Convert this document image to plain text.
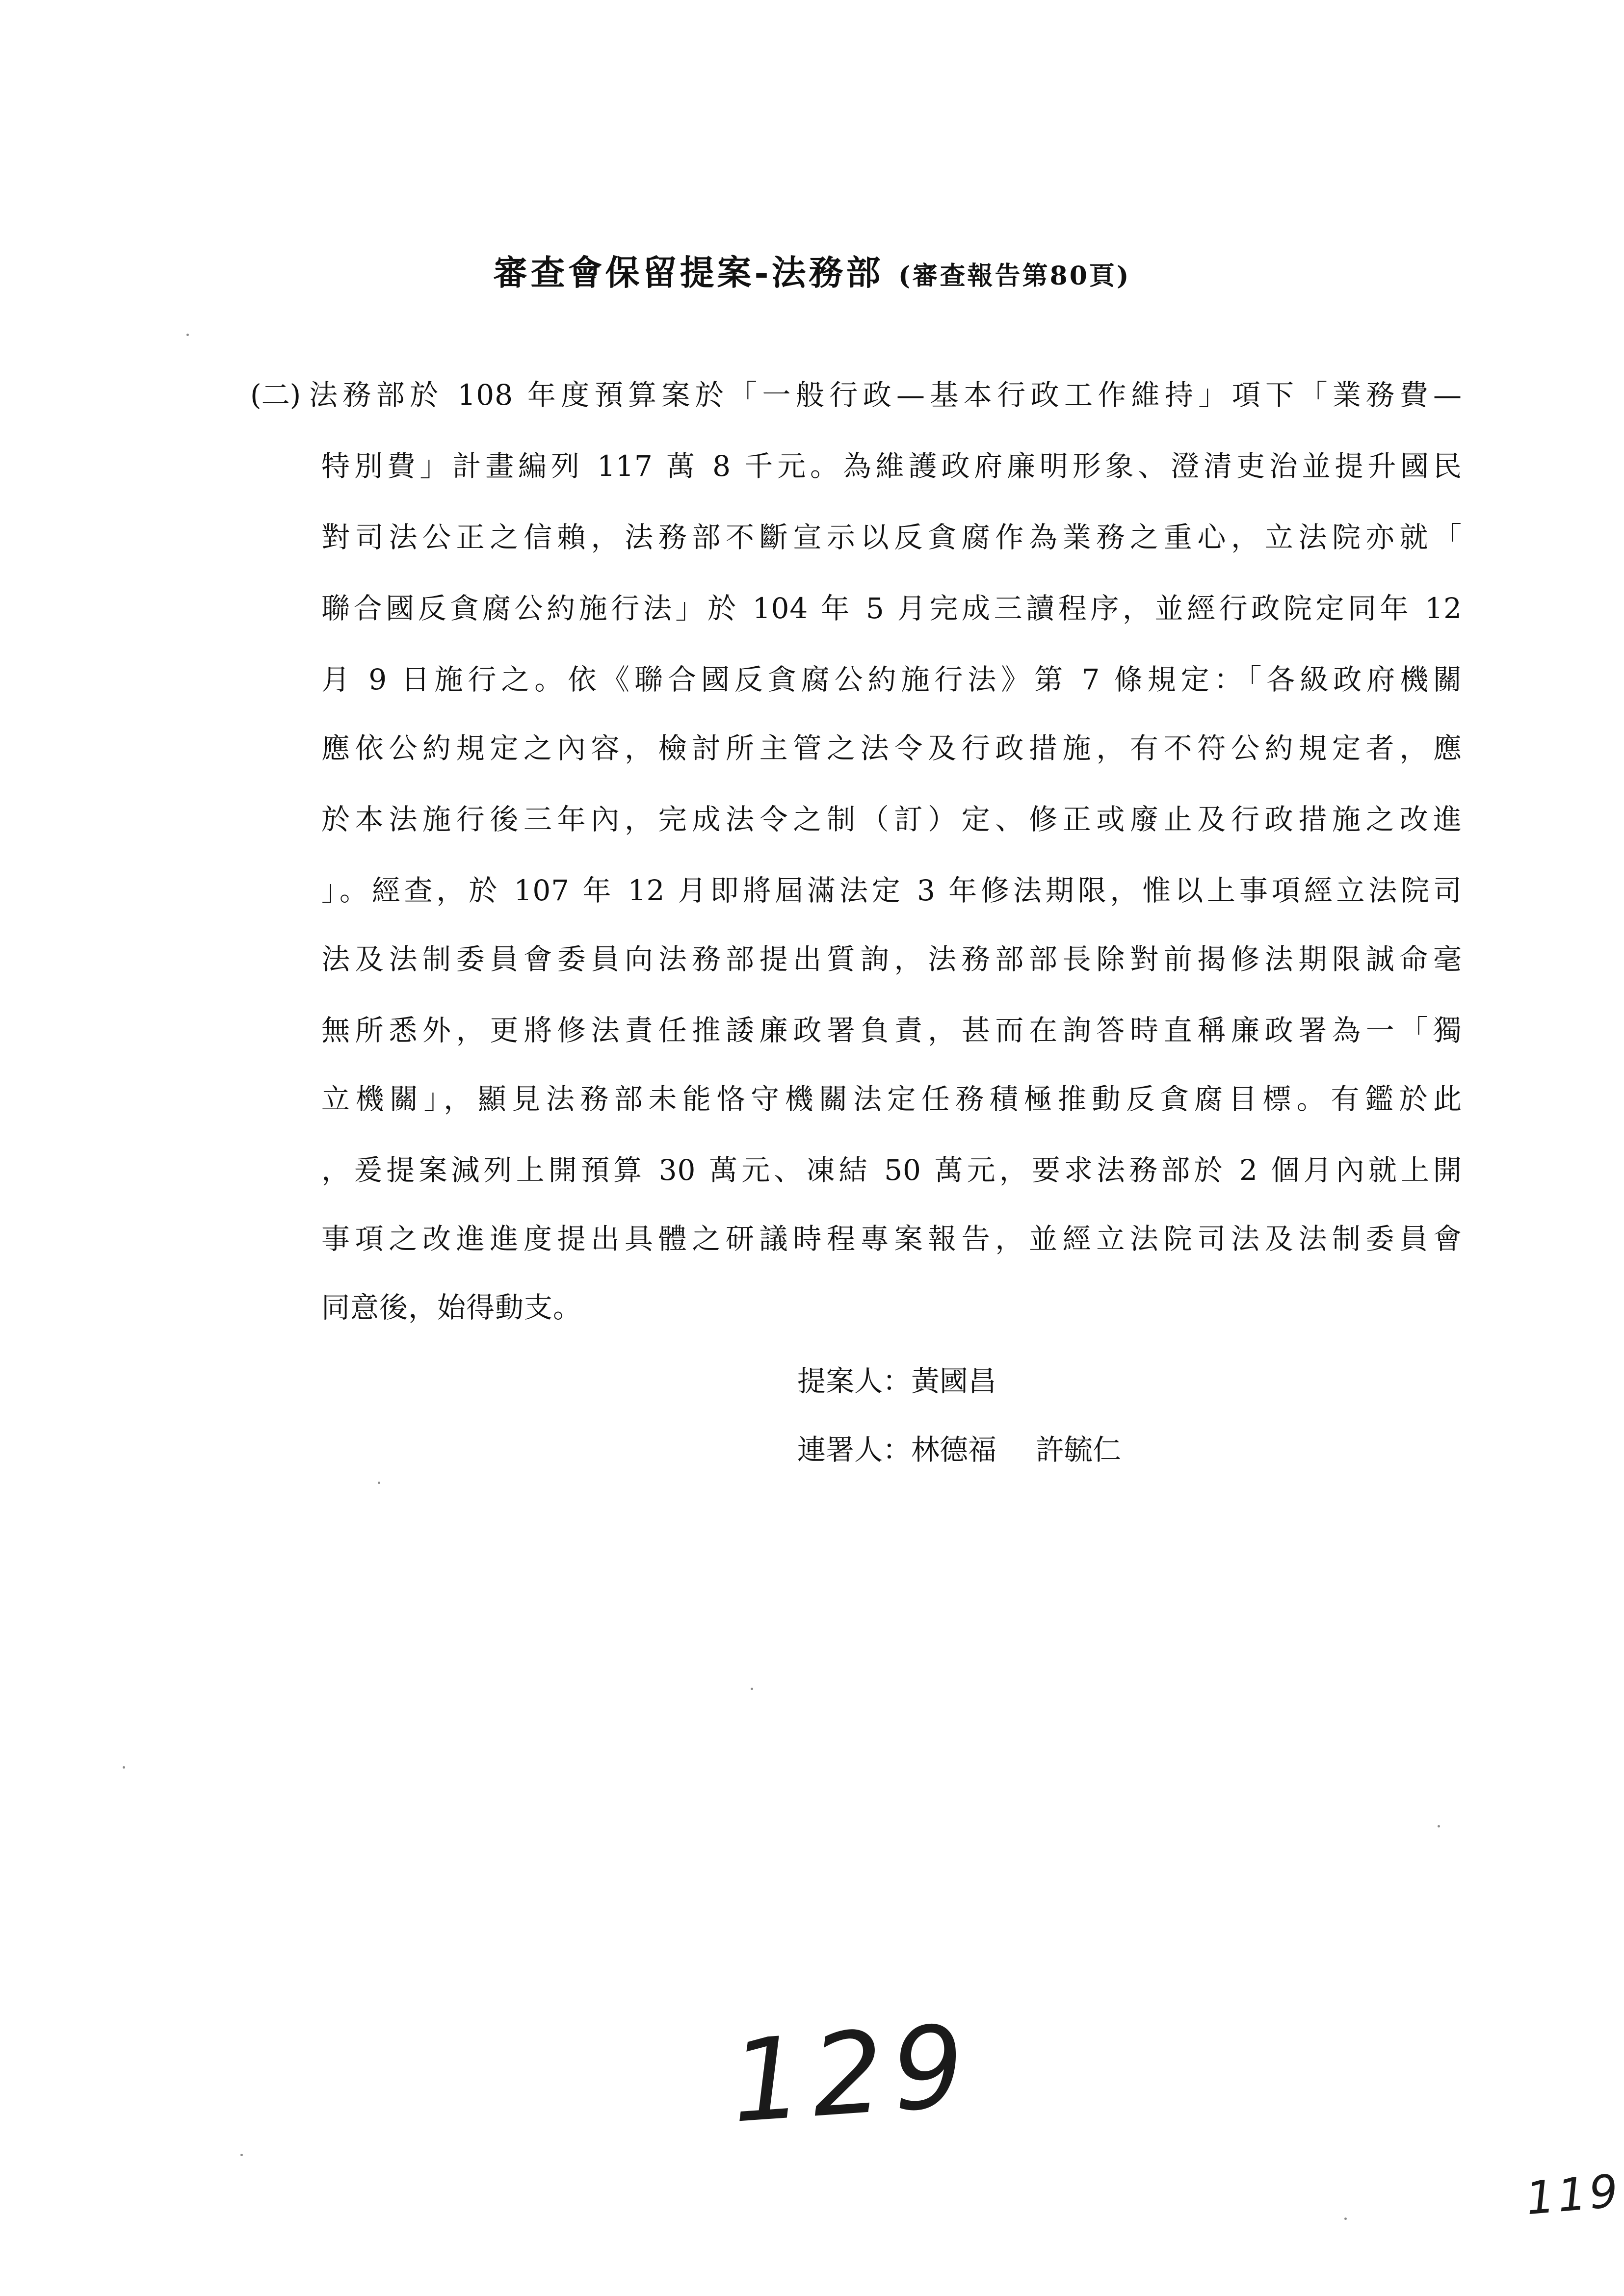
審查會保留提案-法務部 (審查報告第80頁)
(二) 法務部於 108 年度預算案於「一般行政—基本行政工作維持」項下「業務費—
特別費」計畫編列 117 萬 8 千元。為維護政府廉明形象、澄清吏治並提升國民
對司法公正之信賴，法務部不斷宣示以反貪腐作為業務之重心，立法院亦就「
聯合國反貪腐公約施行法」於 104 年 5 月完成三讀程序，並經行政院定同年 12
月 9 日施行之。依《聯合國反貪腐公約施行法》第 7 條規定：「各級政府機關
應依公約規定之內容，檢討所主管之法令及行政措施，有不符公約規定者，應
於本法施行後三年內，完成法令之制（訂）定、修正或廢止及行政措施之改進
」。經查，於 107 年 12 月即將屆滿法定 3 年修法期限，惟以上事項經立法院司
法及法制委員會委員向法務部提出質詢，法務部部長除對前揭修法期限誠命毫
無所悉外，更將修法責任推諉廉政署負責，甚而在詢答時直稱廉政署為一「獨
立機關」，顯見法務部未能恪守機關法定任務積極推動反貪腐目標。有鑑於此
，爰提案減列上開預算 30 萬元、凍結 50 萬元，要求法務部於 2 個月內就上開
事項之改進進度提出具體之研議時程專案報告，並經立法院司法及法制委員會
同意後，始得動支。
提案人：黃國昌
連署人：林德福 許毓仁
129
119
